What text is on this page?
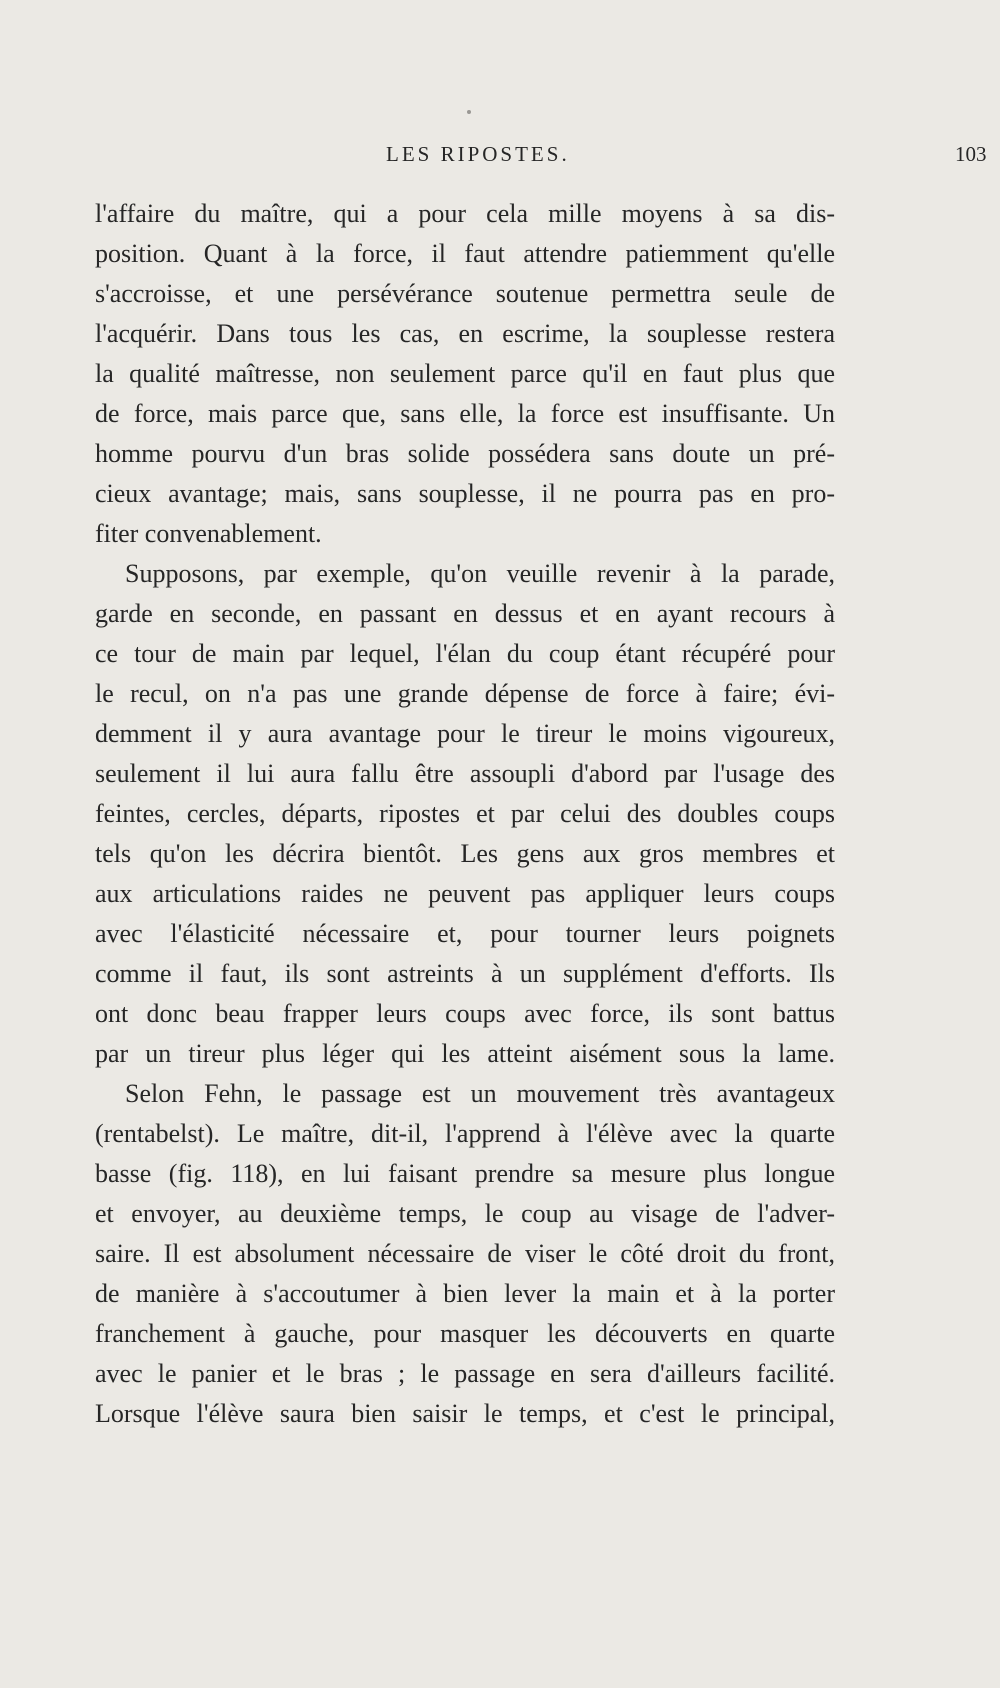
LES RIPOSTES.	103
l'affaire du maître, qui a pour cela mille moyens à sa dis-
position. Quant à la force, il faut attendre patiemment qu'elle
s'accroisse, et une persévérance soutenue permettra seule de
l'acquérir. Dans tous les cas, en escrime, la souplesse restera
la qualité maîtresse, non seulement parce qu'il en faut plus que
de force, mais parce que, sans elle, la force est insuffisante. Un
homme pourvu d'un bras solide possédera sans doute un pré-
cieux avantage; mais, sans souplesse, il ne pourra pas en pro-
fiter convenablement.
Supposons, par exemple, qu'on veuille revenir à la parade,
garde en seconde, en passant en dessus et en ayant recours à
ce tour de main par lequel, l'élan du coup étant récupéré pour
le recul, on n'a pas une grande dépense de force à faire; évi-
demment il y aura avantage pour le tireur le moins vigoureux,
seulement il lui aura fallu être assoupli d'abord par l'usage des
feintes, cercles, départs, ripostes et par celui des doubles coups
tels qu'on les décrira bientôt. Les gens aux gros membres et
aux articulations raides ne peuvent pas appliquer leurs coups
avec l'élasticité nécessaire et, pour tourner leurs poignets
comme il faut, ils sont astreints à un supplément d'efforts. Ils
ont donc beau frapper leurs coups avec force, ils sont battus
par un tireur plus léger qui les atteint aisément sous la lame.
Selon Fehn, le passage est un mouvement très avantageux
(rentabelst). Le maître, dit-il, l'apprend à l'élève avec la quarte
basse (fig. 118), en lui faisant prendre sa mesure plus longue
et envoyer, au deuxième temps, le coup au visage de l'adver-
saire. Il est absolument nécessaire de viser le côté droit du front,
de manière à s'accoutumer à bien lever la main et à la porter
franchement à gauche, pour masquer les découverts en quarte
avec le panier et le bras ; le passage en sera d'ailleurs facilité.
Lorsque l'élève saura bien saisir le temps, et c'est le principal,
